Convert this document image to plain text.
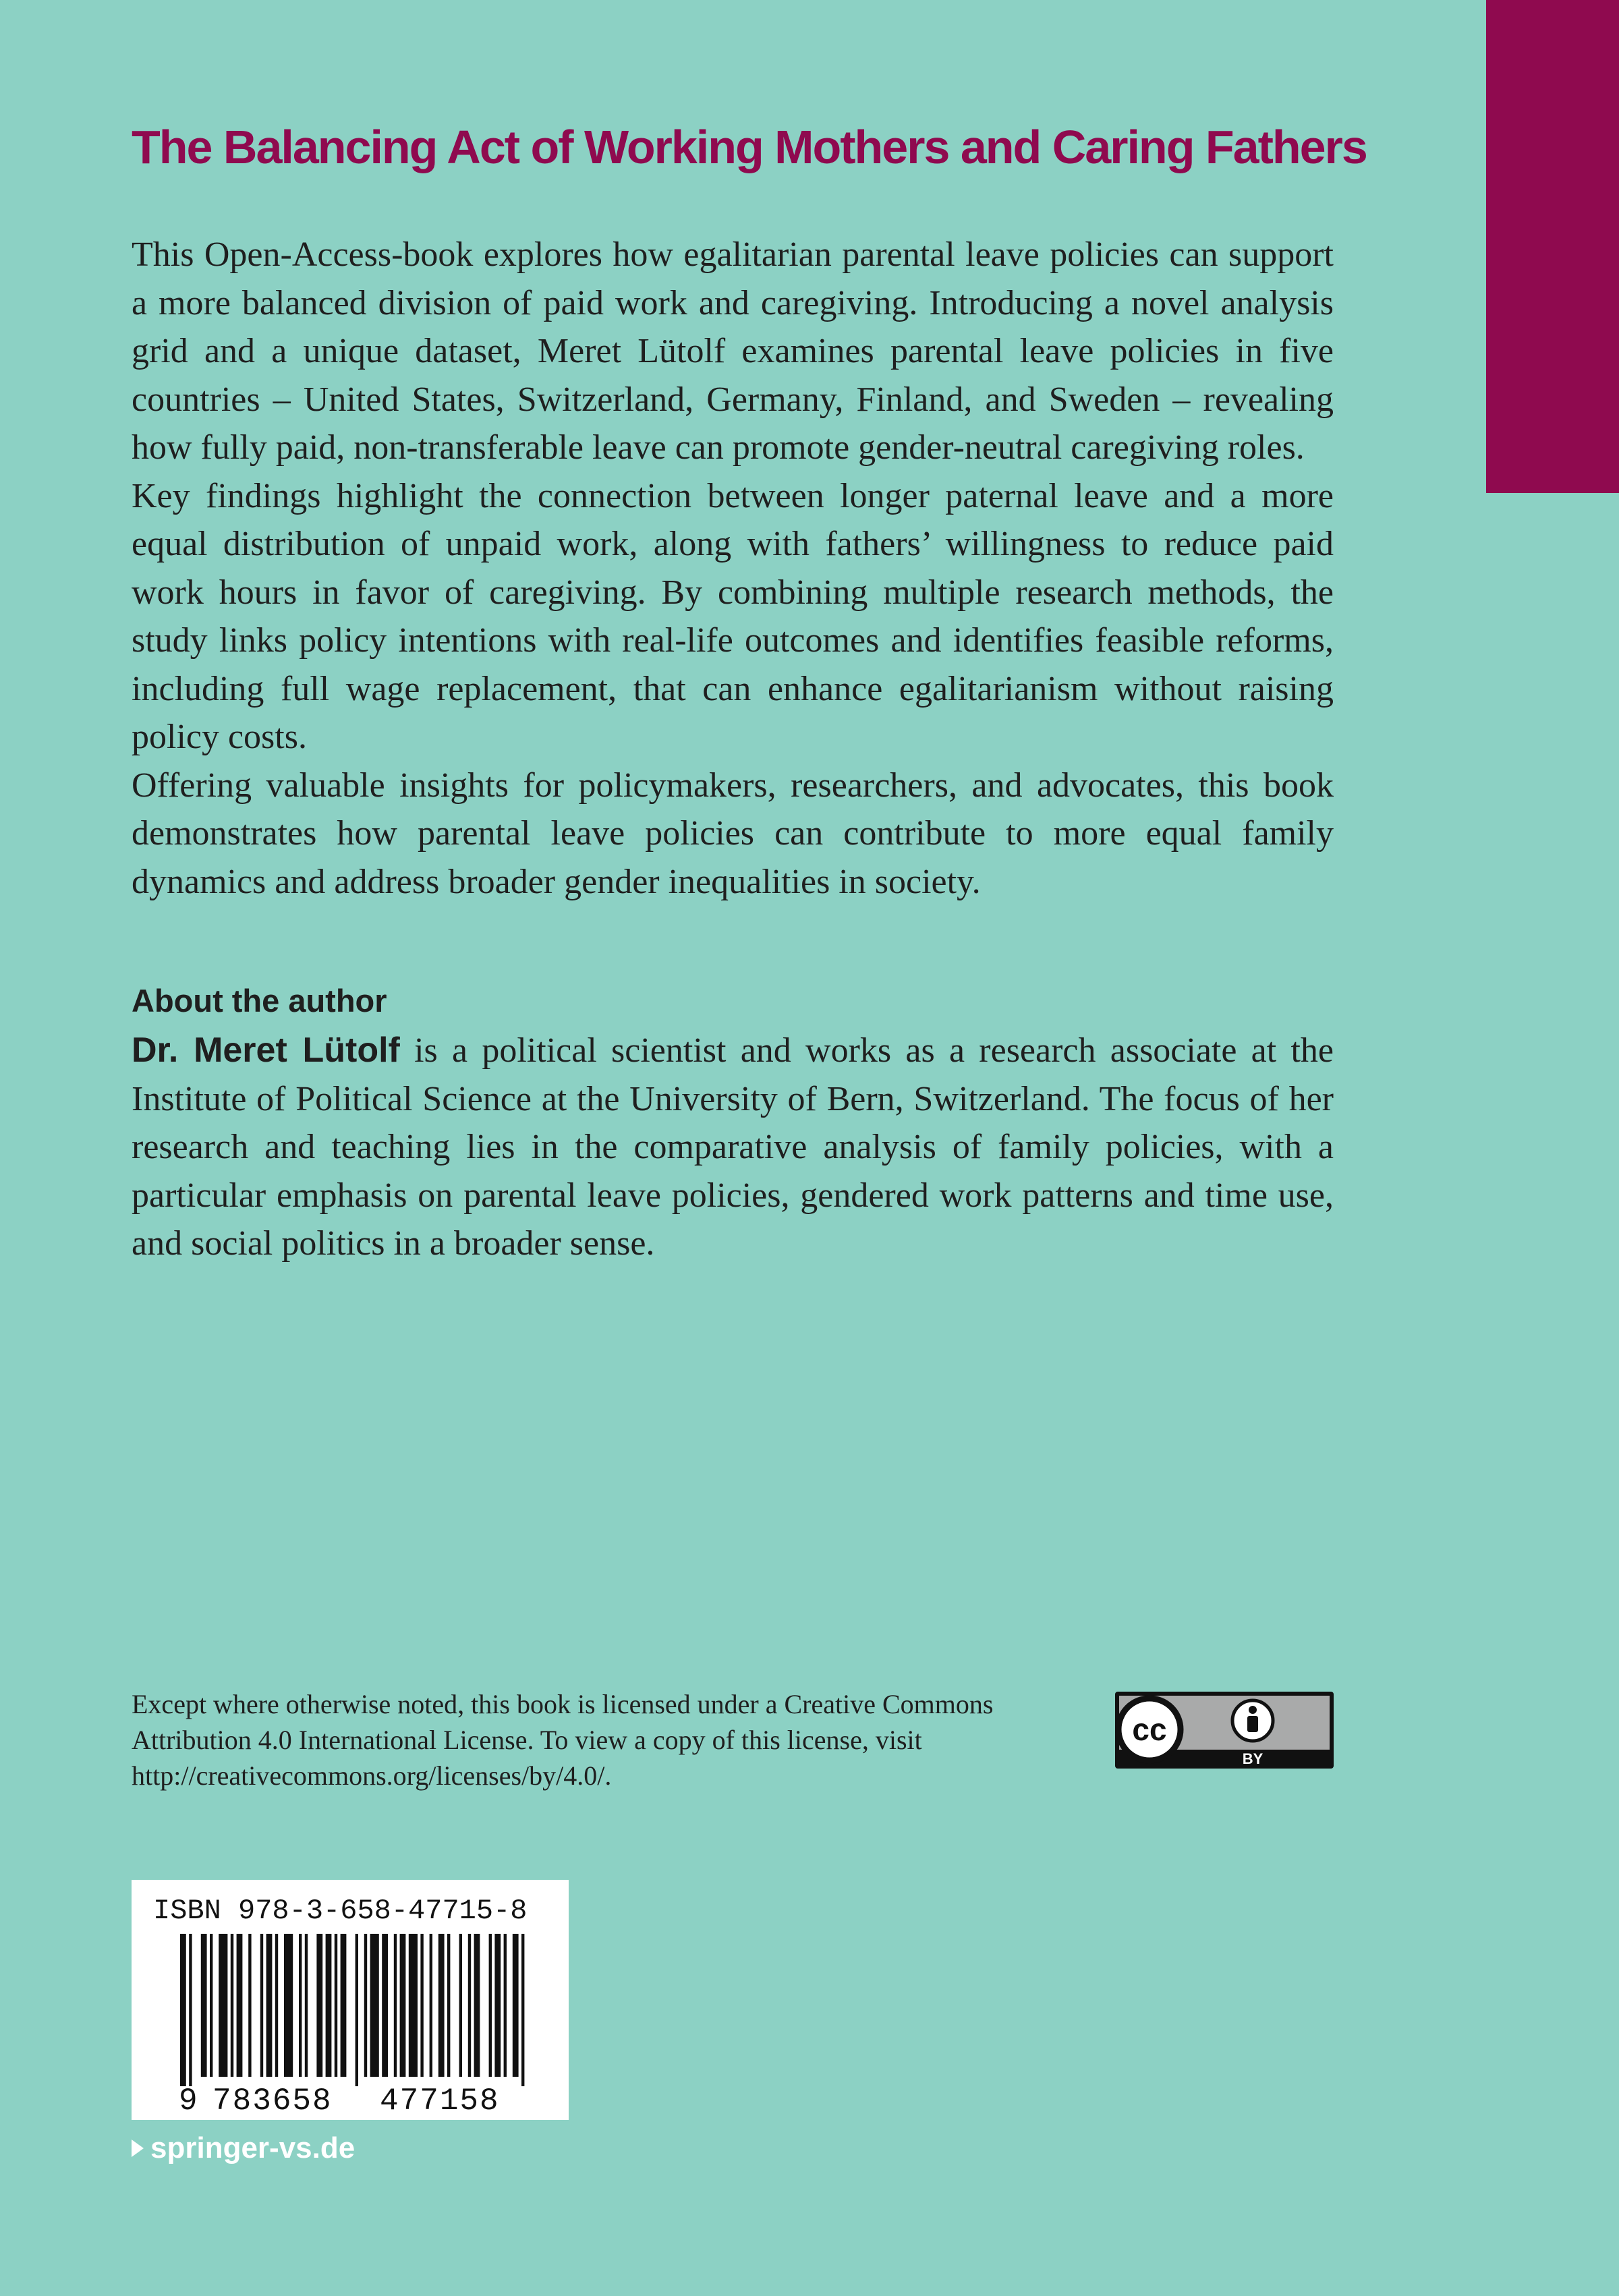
The Balancing Act of Working Mothers and Caring Fathers

This Open-Access-book explores how egalitarian parental leave policies can support a more balanced division of paid work and caregiving. Introducing a novel analysis grid and a unique dataset, Meret Lütolf examines parental leave policies in five countries – United States, Switzerland, Germany, Finland, and Sweden – revealing how fully paid, non-transferable leave can promote gender-neutral caregiving roles.

Key findings highlight the connection between longer paternal leave and a more equal distribution of unpaid work, along with fathers’ willingness to reduce paid work hours in favor of caregiving. By combining multiple research methods, the study links policy intentions with real-life outcomes and identifies feasible reforms, including full wage replacement, that can enhance egalitarianism without raising policy costs.

Offering valuable insights for policymakers, researchers, and advocates, this book demonstrates how parental leave policies can contribute to more equal family dynamics and address broader gender inequalities in society.

About the author

Dr. Meret Lütolf is a political scientist and works as a research associate at the Institute of Political Science at the University of Bern, Switzerland. The focus of her research and teaching lies in the comparative analysis of family policies, with a particular emphasis on parental leave policies, gendered work patterns and time use, and social politics in a broader sense.

Except where otherwise noted, this book is licensed under a Creative Commons Attribution 4.0 International License. To view a copy of this license, visit http://creativecommons.org/licenses/by/4.0/.

cc
BY
9 783658 477158
ISBN 978-3-658-47715-8
springer-vs.de
